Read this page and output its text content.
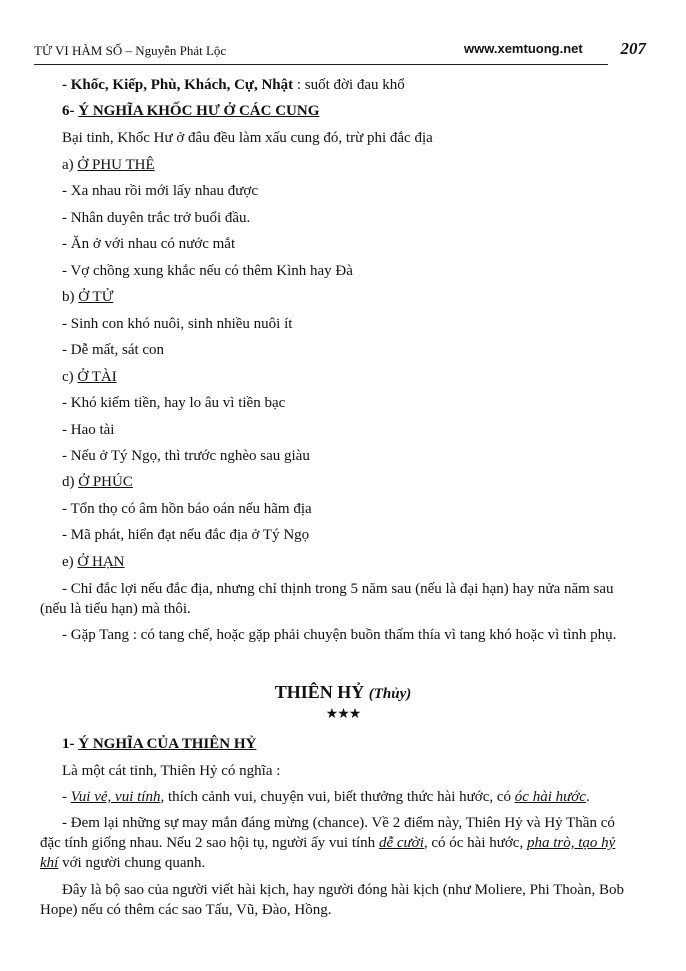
TỬ VI HÀM SỐ – Nguyễn Phát Lộc	www.xemtuong.net 207
- Khốc, Kiếp, Phù, Khách, Cự, Nhật : suốt đời đau khổ
6- Ý NGHĨA KHỐC HƯ Ở CÁC CUNG
Bại tinh, Khốc Hư ở đâu đều làm xấu cung đó, trừ phi đắc địa
a) Ở PHU THÊ
- Xa nhau rồi mới lấy nhau được
- Nhân duyên trắc trở buổi đầu.
- Ăn ở với nhau có nước mắt
- Vợ chồng xung khắc nếu có thêm Kình hay Đà
b) Ở TỬ
- Sinh con khó nuôi, sinh nhiều nuôi ít
- Dễ mất, sát con
c) Ở TÀI
- Khó kiếm tiền, hay lo âu vì tiền bạc
- Hao tài
- Nếu ở Tý Ngọ, thì trước nghèo sau giàu
d) Ở PHÚC
- Tổn thọ có âm hồn báo oán nếu hãm địa
- Mã phát, hiển đạt nếu đắc địa ở Tý Ngọ
e) Ở HẠN
- Chỉ đắc lợi nếu đắc địa, nhưng chỉ thịnh trong 5 năm sau (nếu là đại hạn) hay nửa năm sau
(nếu là tiểu hạn) mà thôi.
- Gặp Tang : có tang chế, hoặc gặp phải chuyện buồn thấm thía vì tang khó hoặc vì tình phụ.
THIÊN HỶ (Thủy)
★★★
1- Ý NGHĨA CỦA THIÊN HỶ
Là một cát tinh, Thiên Hỷ có nghĩa :
- Vui vẻ, vui tính, thích cảnh vui, chuyện vui, biết thưởng thức hài hước, có óc hài hước.
- Đem lại những sự may mắn đáng mừng (chance). Về 2 điểm này, Thiên Hỷ và Hỷ Thần có
đặc tính giống nhau. Nếu 2 sao hội tụ, người ấy vui tính dễ cười, có óc hài hước, pha trò, tạo hỷ
khí với người chung quanh.
Đây là bộ sao của người viết hài kịch, hay người đóng hài kịch (như Moliere, Phi Thoàn, Bob
Hope) nếu có thêm các sao Tấu, Vũ, Đào, Hồng.
